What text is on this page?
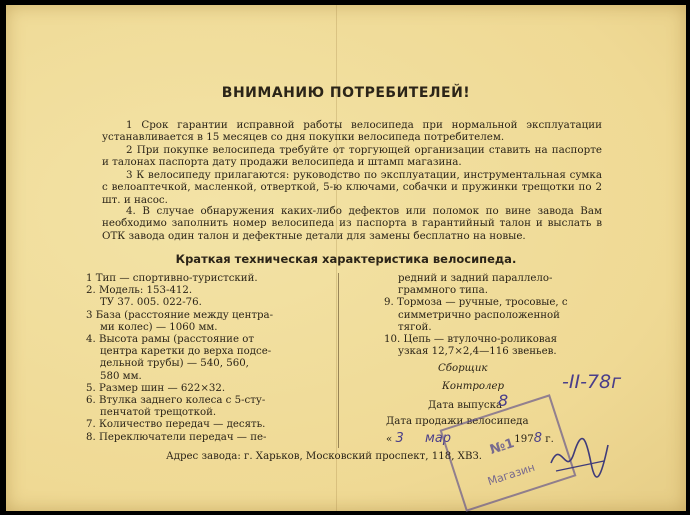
ВНИМАНИЮ ПОТРЕБИТЕЛЕЙ!
1 Срок гарантии исправной работы велосипеда при нормальной эксплуатации устанавливается в 15 месяцев со дня покупки велосипеда потребителем.
2 При покупке велосипеда требуйте от торгующей организации ставить на паспорте и талонах паспорта дату продажи велосипеда и штамп магазина.
3 К велосипеду прилагаются: руководство по эксплуатации, инструментальная сумка с велоаптечкой, масленкой, отверткой, 5-ю ключами, собачки и пружинки трещотки по 2 шт. и насос.
4. В случае обнаружения каких-либо дефектов или поломок по вине завода Вам необходимо заполнить номер велосипеда из паспорта в гарантийный талон и выслать в ОТК завода один талон и дефектные детали для замены бесплатно на новые.
Краткая техническая характеристика велосипеда.
1 Тип — спортивно-туристский.
2. Модель: 153-412.
ТУ 37. 005. 022-76.
3 База (расстояние между центра-
ми колес) — 1060 мм.
4. Высота рамы (расстояние от
центра каретки до верха подсе-
дельной трубы) — 540, 560,
580 мм.
5. Размер шин — 622⨯32.
6. Втулка заднего колеса с 5-сту-
пенчатой трещоткой.
7. Количество передач — десять.
8. Переключатели передач — пе-
редний и задний параллело-
граммного типа.
9. Тормоза — ручные, тросовые, с
симметрично расположенной
тягой.
10. Цепь — втулочно-роликовая
узкая 12,7⨯2,4—116 звеньев.
Сборщик
Контролер
Дата выпуска
8
-II-78г
Дата продажи велосипеда
« 3 мар	1978 г.
№1
Магазин
Адрес завода: г. Харьков, Московский проспект, 118, ХВЗ.
